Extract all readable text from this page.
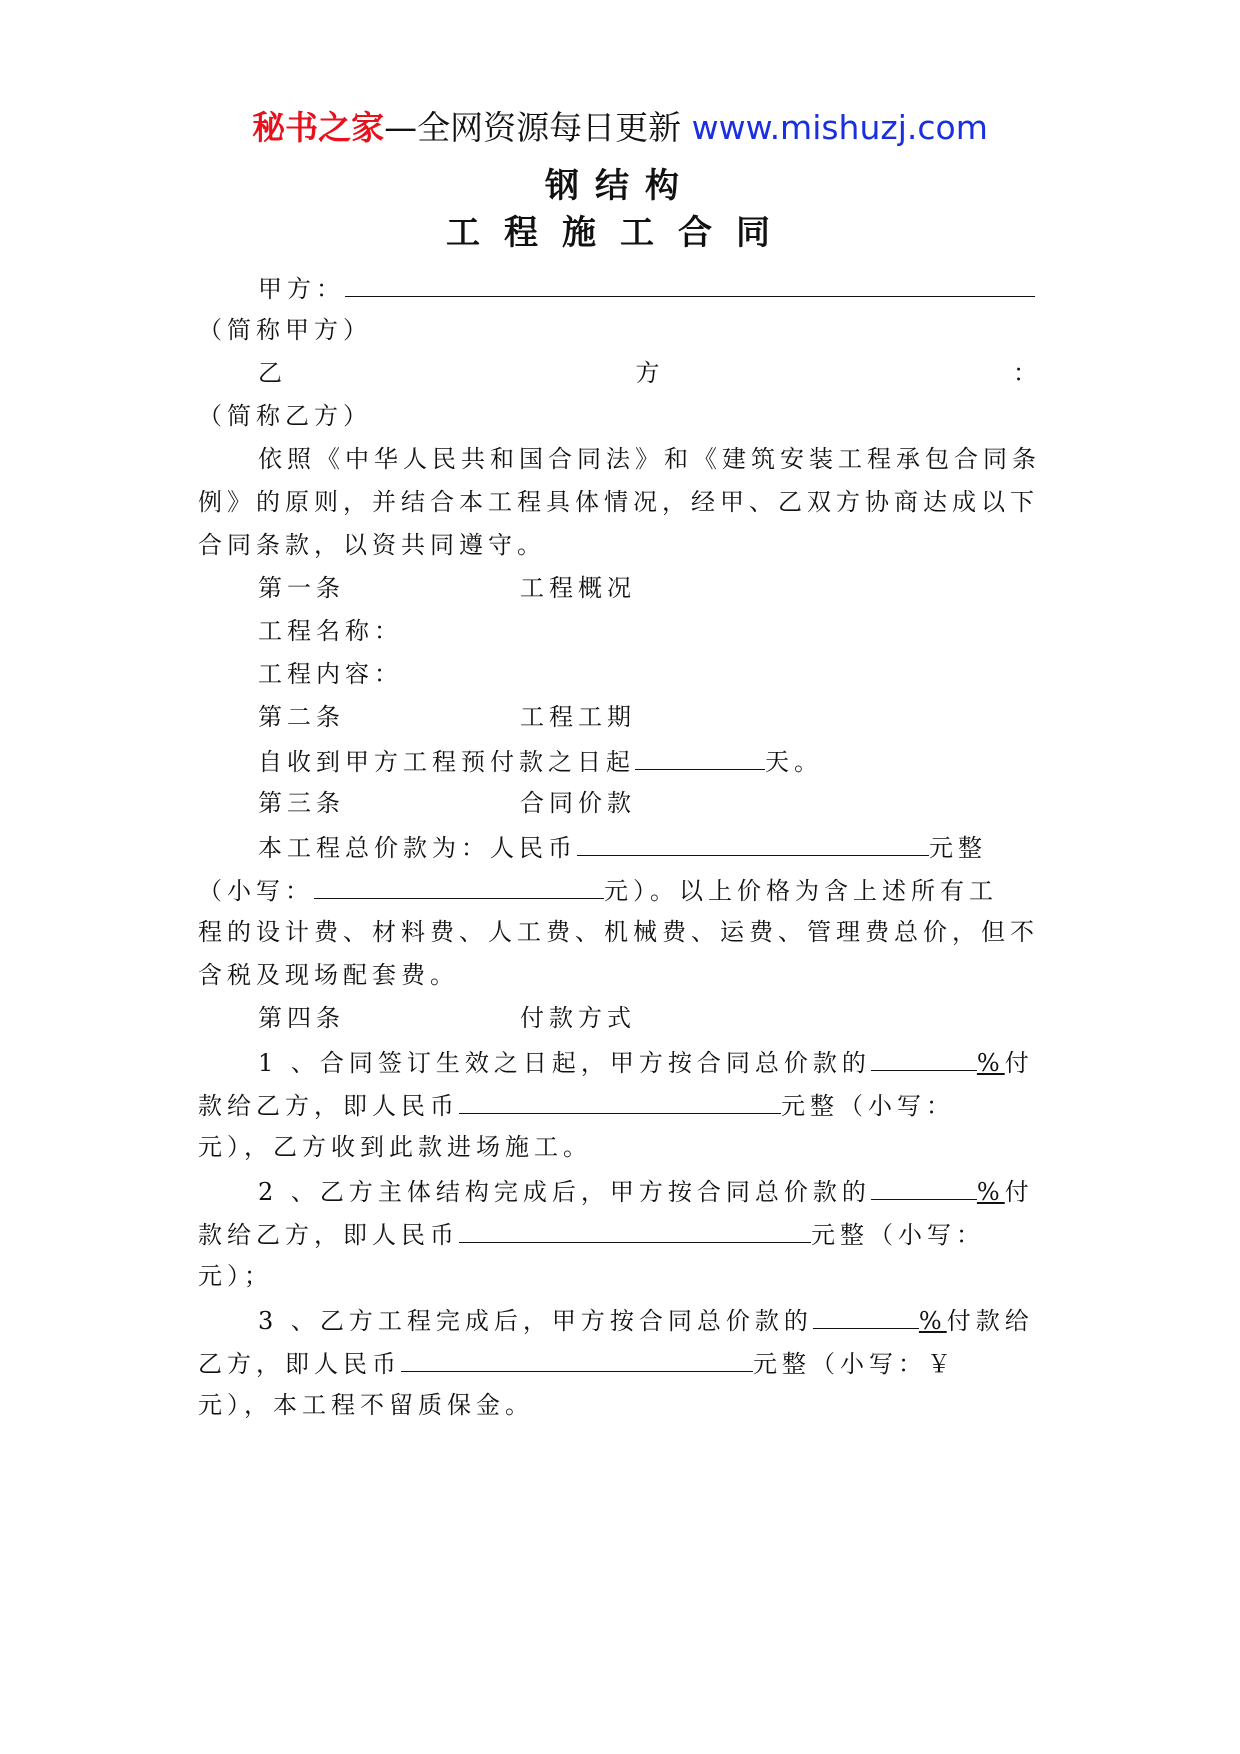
秘书之家—全网资源每日更新 www.mishuzj.com
钢结构
工程施工合同
甲方：
（简称甲方）
乙	方	：
（简称乙方）
依照《中华人民共和国合同法》和《建筑安装工程承包合同条
例》的原则，并结合本工程具体情况，经甲、乙双方协商达成以下
合同条款，以资共同遵守。
第一条	工程概况
工程名称：
工程内容：
第二条	工程工期
自收到甲方工程预付款之日起	天。
第三条	合同价款
本工程总价款为：人民币	元整
（小写：	元）。以上价格为含上述所有工
程的设计费、材料费、人工费、机械费、运费、管理费总价，但不
含税及现场配套费。
第四条	付款方式
1 、合同签订生效之日起，甲方按合同总价款的	%付
款给乙方，即人民币	元整（小写：
元），乙方收到此款进场施工。
2 、乙方主体结构完成后，甲方按合同总价款的	%付
款给乙方，即人民币	元整（小写：
元）；
3 、乙方工程完成后，甲方按合同总价款的	%付款给
乙方，即人民币	元整（小写：￥
元），本工程不留质保金。
